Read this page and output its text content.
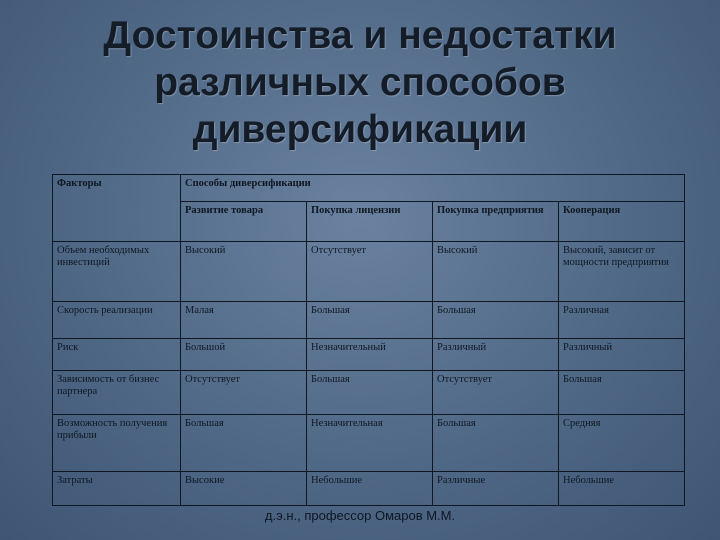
Достоинства и недостатки
различных способов
диверсификации
Факторы	Способы диверсификации			
	Развитие товара	Покупка лицензии	Покупка предприятия	Кооперация
Объем необходимых инвестиций	Высокий	Отсутствует	Высокий	Высокий, зависит от мощности предприятия
Скорость реализации	Малая	Большая	Большая	Различная
Риск	Большой	Незначительный	Различный	Различный
Зависимость от бизнес партнера	Отсутствует	Большая	Отсутствует	Большая
Возможность получения прибыли	Большая	Незначительная	Большая	Средняя
Затраты	Высокие	Небольшие	Различные	Небольшие
д.э.н., профессор Омаров М.М.
